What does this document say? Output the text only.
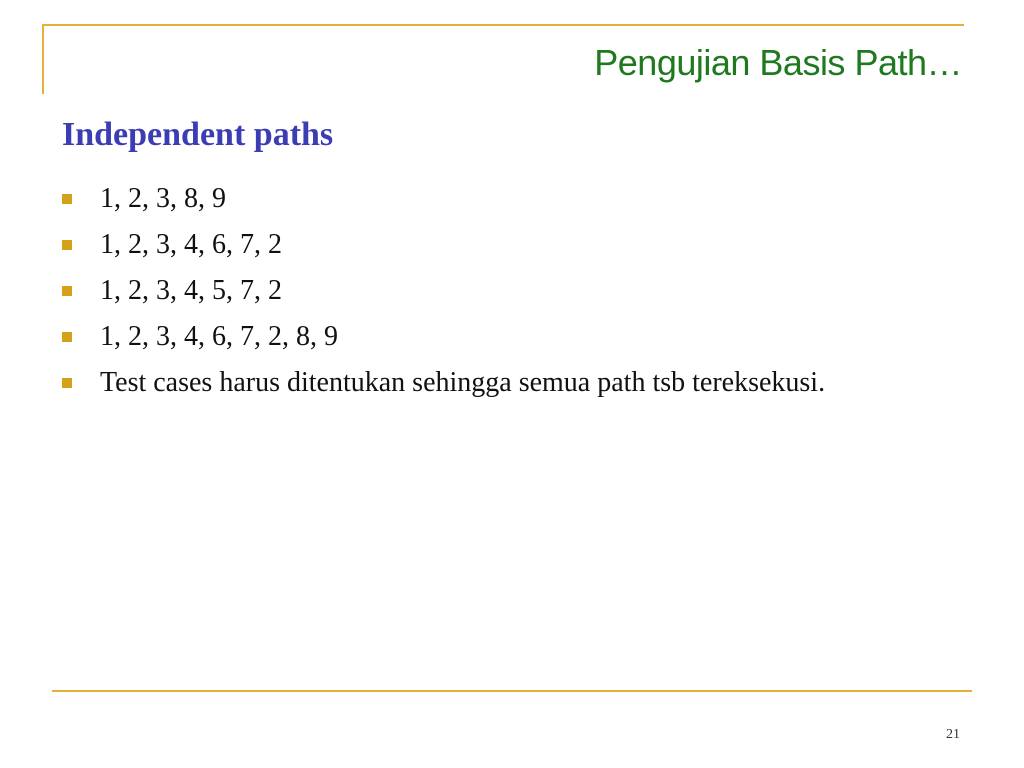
Pengujian Basis Path…
Independent paths
1, 2, 3, 8, 9
1, 2, 3, 4, 6, 7, 2
1, 2, 3, 4, 5, 7, 2
1, 2, 3, 4, 6, 7, 2, 8, 9
Test cases harus ditentukan sehingga semua path tsb tereksekusi.

21
